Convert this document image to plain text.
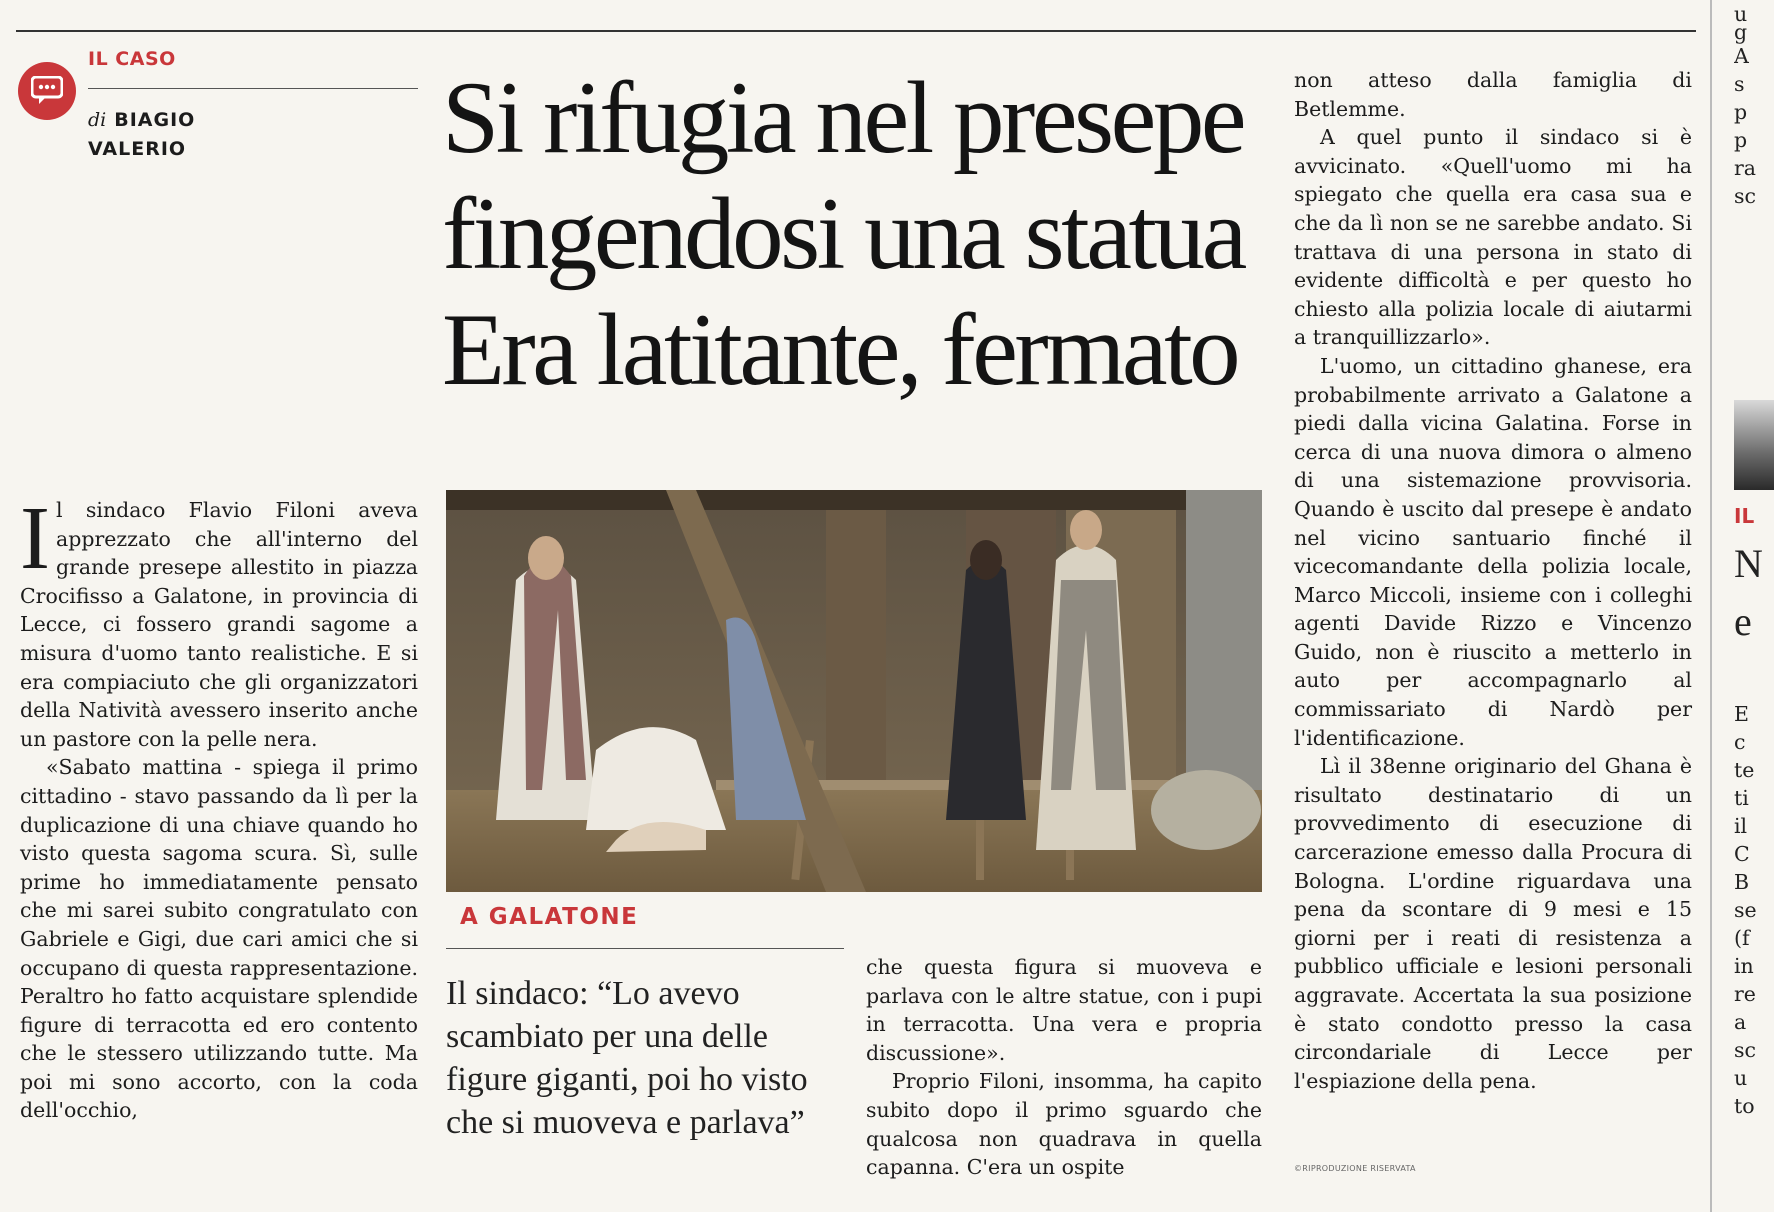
IL CASO
di BIAGIO
VALERIO Si rifugia nel presepe
fingendosi una statua
Era latitante, fermato

Il sindaco Flavio Filoni aveva apprezzato che all'interno del grande presepe allestito in piazza Crocifisso a Galatone, in provincia di Lecce, ci fossero grandi sagome a misura d'uomo tanto realistiche. E si era compiaciuto che gli organizzatori della Natività avessero inserito anche un pastore con la pelle nera.

«Sabato mattina - spiega il primo cittadino - stavo passando da lì per la duplicazione di una chiave quando ho visto questa sagoma scura. Sì, sulle prime ho immediatamente pensato che mi sarei subito congratulato con Gabriele e Gigi, due cari amici che si occupano di questa rappresentazione. Peraltro ho fatto acquistare splendide figure di terracotta ed ero contento che le stessero utilizzando tutte. Ma poi mi sono accorto, con la coda dell'occhio,

A GALATONE

Il sindaco: “Lo avevo scambiato per una delle figure giganti, poi ho visto che si muoveva e parlava”

che questa figura si muoveva e parlava con le altre statue, con i pupi in terracotta. Una vera e propria discussione».

Proprio Filoni, insomma, ha capito subito dopo il primo sguardo che qualcosa non quadrava in quella capanna. C'era un ospite

non atteso dalla famiglia di Betlemme.

A quel punto il sindaco si è avvicinato. «Quell'uomo mi ha spiegato che quella era casa sua e che da lì non se ne sarebbe andato. Si trattava di una persona in stato di evidente difficoltà e per questo ho chiesto alla polizia locale di aiutarmi a tranquillizzarlo».

L'uomo, un cittadino ghanese, era probabilmente arrivato a Galatone a piedi dalla vicina Galatina. Forse in cerca di una nuova dimora o almeno di una sistemazione provvisoria. Quando è uscito dal presepe è andato nel vicino santuario finché il vicecomandante della polizia locale, Marco Miccoli, insieme con i colleghi agenti Davide Rizzo e Vincenzo Guido, non è riuscito a metterlo in auto per accompagnarlo al commissariato di Nardò per l'identificazione.

Lì il 38enne originario del Ghana è risultato destinatario di un provvedimento di esecuzione di carcerazione emesso dalla Procura di Bologna. L'ordine riguardava una pena da scontare di 9 mesi e 15 giorni per i reati di resistenza a pubblico ufficiale e lesioni personali aggravate. Accertata la sua posizione è stato condotto presso la casa circondariale di Lecce per l'espiazione della pena.

©RIPRODUZIONE RISERVATA
u
g
A
s
p
p
ra
sc
IL
N
e
E
c
te
ti
il
C
B
se
(f
in
re
a
sc
u
to
